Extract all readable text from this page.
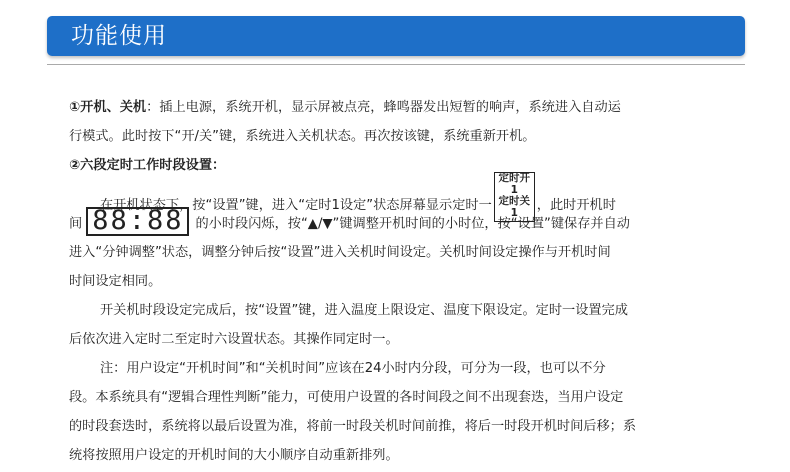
功能使用
①开机、关机：插上电源，系统开机，显示屏被点亮，蜂鸣器发出短暂的响声，系统进入自动运
行模式。此时按下“开/关”键，系统进入关机状态。再次按该键，系统重新开机。
②六段定时工作时段设置：
在开机状态下，按“设置”键，进入“定时1设定”状态屏幕显示定时一
定时开
1
定时关
1	，此时开机时
间 88:88 的小时段闪烁，按“▲/▼”键调整开机时间的小时位，按“设置”键保存并自动
进入“分钟调整”状态，调整分钟后按“设置”进入关机时间设定。关机时间设定操作与开机时间
时间设定相同。
开关机时段设定完成后，按“设置”键，进入温度上限设定、温度下限设定。定时一设置完成
后依次进入定时二至定时六设置状态。其操作同定时一。
注：用户设定“开机时间”和“关机时间”应该在24小时内分段，可分为一段，也可以不分
段。本系统具有“逻辑合理性判断”能力，可使用户设置的各时间段之间不出现套迭，当用户设定
的时段套迭时，系统将以最后设置为准，将前一时段关机时间前推，将后一时段开机时间后移；系
统将按照用户设定的开机时间的大小顺序自动重新排列。
